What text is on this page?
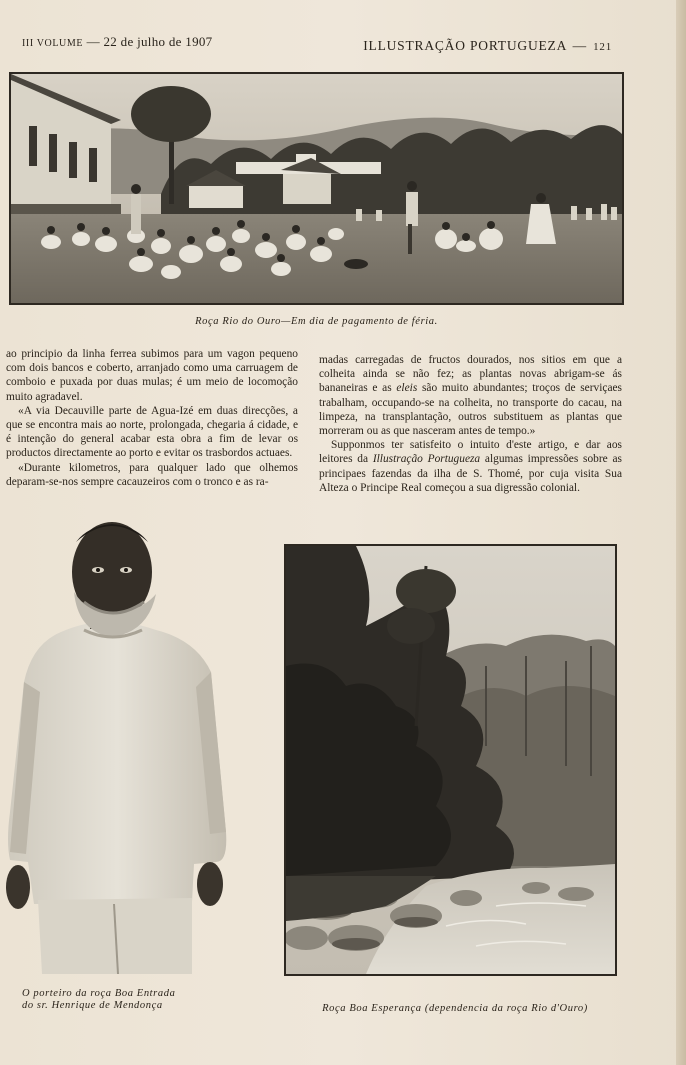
III VOLUME — 22 de julho de 1907	ILLUSTRAÇÃO PORTUGUEZA — 121
Roça Rio do Ouro—Em dia de pagamento de féria.

ao principio da linha ferrea subimos para um vagon pequeno com dois bancos e coberto, arranjado como uma carruagem de comboio e puxada por duas mulas; é um meio de locomoção muito agradavel.

«A via Decauville parte de Agua-Izé em duas direcções, a que se encontra mais ao norte, prolongada, chegaria á cidade, e é intenção do general acabar esta obra a fim de levar os productos directamente ao porto e evitar os trasbordos actuaes.

«Durante kilometros, para qualquer lado que olhemos deparam-se-nos sempre cacauzeiros com o tronco e as ra-

madas carregadas de fructos dourados, nos sitios em que a colheita ainda se não fez; as plantas novas abrigam-se ás bananeiras e as eleis são muito abundantes; troços de serviçaes trabalham, occupando-se na colheita, no transporte do cacau, na limpeza, na transplantação, outros substituem as plantas que morreram ou as que nasceram antes de tempo.»

Supponmos ter satisfeito o intuito d'este artigo, e dar aos leitores da Illustração Portugueza algumas impressões sobre as principaes fazendas da ilha de S. Thomé, por cuja visita Sua Alteza o Principe Real começou a sua digressão colonial.

O porteiro da roça Boa Entrada
do sr. Henrique de Mendonça	Roça Boa Esperança (dependencia da roça Rio d'Ouro)
